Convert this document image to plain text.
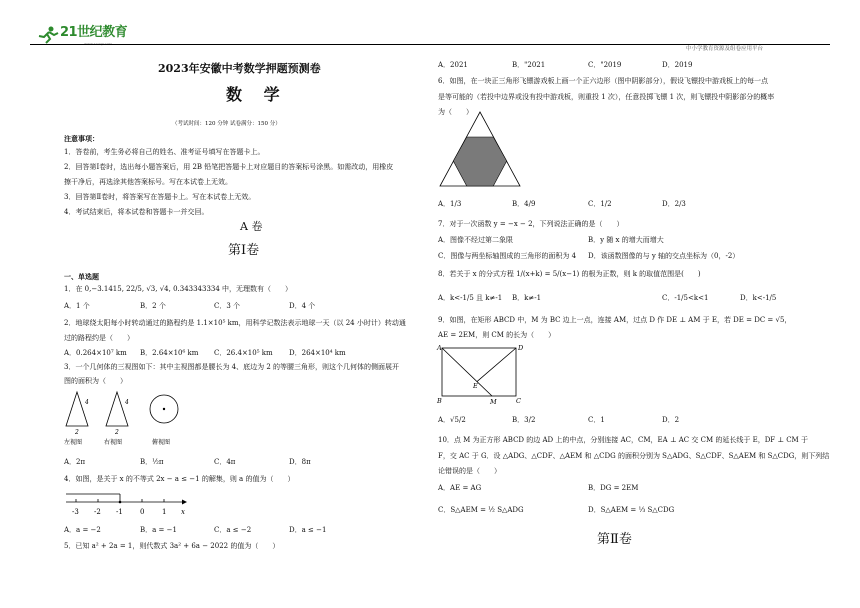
21世纪教育
中小学教育资源及组卷应用平台
2023年安徽中考数学押题预测卷
数 学
（考试时间：120 分钟 试卷满分：150 分）
注意事项：
1．答卷前，考生务必将自己的姓名、准考证号填写在答题卡上。
2．回答第Ⅰ卷时，选出每小题答案后，用 2B 铅笔把答题卡上对应题目的答案标号涂黑。如需改动，用橡皮
擦干净后，再选涂其他答案标号。写在本试卷上无效。
3．回答第Ⅱ卷时，将答案写在答题卡上。写在本试卷上无效。
4．考试结束后，将本试卷和答题卡一并交回。
A 卷
第Ⅰ卷
一、单选题
1．在 0,−3.1415, 22/5, √3, √4, 0.343343334 中，无理数有（　　）
A．1 个	B．2 个	C．3 个	D．4 个
2．地球绕太阳每小时转动通过的路程约是 1.1×10⁵ km，用科学记数法表示地球一天（以 24 小时计）转动通
过的路程约是（　　）
A．0.264×10⁷ km B．2.64×10⁶ km C．26.4×10⁵ km D．264×10⁴ km
3．一个几何体的三视图如下：其中主视图都是腰长为 4、底边为 2 的等腰三角形，则这个几何体的侧面展开
图的面积为（　　）
4
2
4
2
左视图	右视图	俯视图
A．2π	B．½π	C．4π	D．8π
4．如图，是关于 x 的不等式 2x − a ≤ −1 的解集，则 a 的值为（　　）
-3 -2 -1 0	1 x
A．a = −2	B．a = −1	C．a ≤ −2	D．a ≤ −1
5．已知 a² + 2a = 1，则代数式 3a² + 6a − 2022 的值为（　　）
A．2021	B．"2021	C．"2019	D．2019
6．如图，在一块正三角形飞镖游戏板上画一个正六边形（图中阴影部分），假设飞镖投中游戏板上的每一点
是等可能的（若投中边界或没有投中游戏板，则重投 1 次），任意投掷飞镖 1 次，则飞镖投中阴影部分的概率
为（　　）
A．1/3	B．4/9	C．1/2	D．2/3
7．对于一次函数 y = −x − 2，下列说法正确的是（　　）
A．图像不经过第二象限	B．y 随 x 的增大而增大
C．图像与两坐标轴围成的三角形的面积为 4 D．该函数图像的与 y 轴的交点坐标为（0，-2）
8．若关于 x 的分式方程 1/(x+k) = 5/(x−1) 的根为正数，则 k 的取值范围是(　　)
A．k<-1/5 且 k≠-1 B．k≠-1	C．-1/5<k<1	D．k<-1/5
9．如图，在矩形 ABCD 中，M 为 BC 边上一点，连接 AM，过点 D 作 DE ⊥ AM 于 E，若 DE = DC = √5，
AE = 2EM，则 CM 的长为（　　）
A	D
E
B	M	C
A．√5/2	B．3/2	C．1	D．2
10．点 M 为正方形 ABCD 的边 AD 上的中点，分别连接 AC，CM，EA ⊥ AC 交 CM 的延长线于 E，DF ⊥ CM 于
F，交 AC 于 G．设 △ADG、△CDF、△AEM 和 △CDG 的面积分别为 S△ADG、S△CDF、S△AEM 和 S△CDG，则下列结
论错误的是（　　）
A．AE = AG	B．DG = 2EM
C．S△AEM = ½ S△ADG	D．S△AEM = ⅓ S△CDG
第Ⅱ卷
